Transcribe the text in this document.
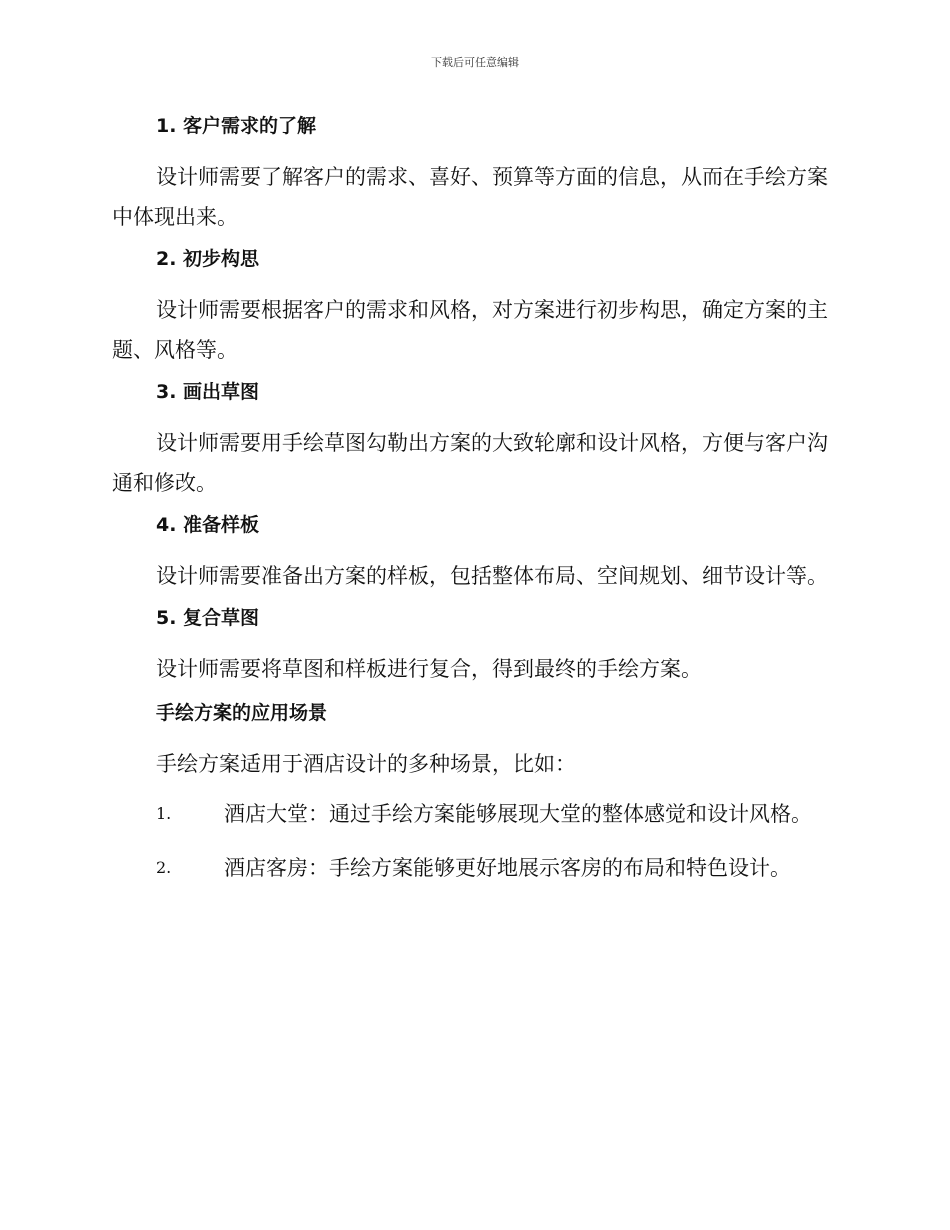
下载后可任意编辑
1. 客户需求的了解
设计师需要了解客户的需求、喜好、预算等方面的信息，从而在手绘方案中体现出来。
2. 初步构思
设计师需要根据客户的需求和风格，对方案进行初步构思，确定方案的主题、风格等。
3. 画出草图
设计师需要用手绘草图勾勒出方案的大致轮廓和设计风格，方便与客户沟通和修改。
4. 准备样板
设计师需要准备出方案的样板，包括整体布局、空间规划、细节设计等。
5. 复合草图
设计师需要将草图和样板进行复合，得到最终的手绘方案。
手绘方案的应用场景
手绘方案适用于酒店设计的多种场景，比如：
1.	酒店大堂：通过手绘方案能够展现大堂的整体感觉和设计风格。
2.	酒店客房：手绘方案能够更好地展示客房的布局和特色设计。
